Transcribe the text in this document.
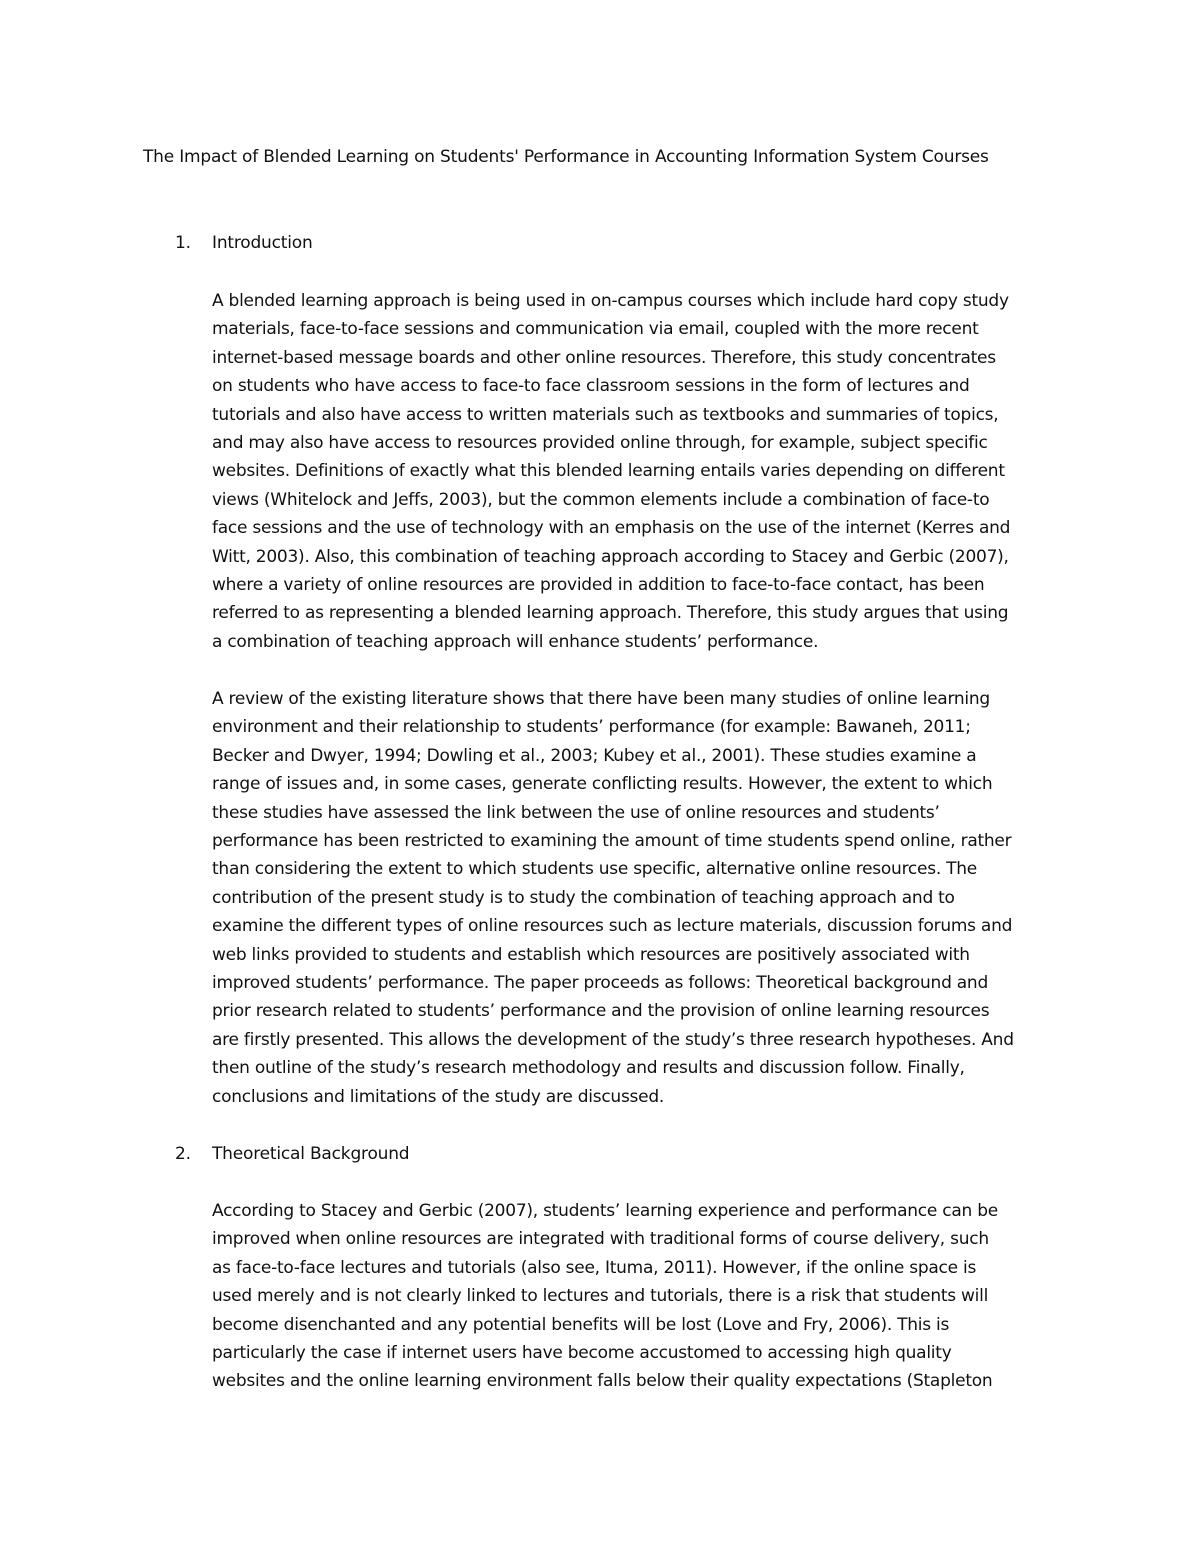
The Impact of Blended Learning on Students' Performance in Accounting Information System Courses
1. Introduction
A blended learning approach is being used in on-campus courses which include hard copy study
materials, face-to-face sessions and communication via email, coupled with the more recent
internet-based message boards and other online resources. Therefore, this study concentrates
on students who have access to face-to face classroom sessions in the form of lectures and
tutorials and also have access to written materials such as textbooks and summaries of topics,
and may also have access to resources provided online through, for example, subject specific
websites. Definitions of exactly what this blended learning entails varies depending on different
views (Whitelock and Jeffs, 2003), but the common elements include a combination of face-to
face sessions and the use of technology with an emphasis on the use of the internet (Kerres and
Witt, 2003). Also, this combination of teaching approach according to Stacey and Gerbic (2007),
where a variety of online resources are provided in addition to face-to-face contact, has been
referred to as representing a blended learning approach. Therefore, this study argues that using
a combination of teaching approach will enhance students’ performance.
A review of the existing literature shows that there have been many studies of online learning
environment and their relationship to students’ performance (for example: Bawaneh, 2011;
Becker and Dwyer, 1994; Dowling et al., 2003; Kubey et al., 2001). These studies examine a
range of issues and, in some cases, generate conflicting results. However, the extent to which
these studies have assessed the link between the use of online resources and students’
performance has been restricted to examining the amount of time students spend online, rather
than considering the extent to which students use specific, alternative online resources. The
contribution of the present study is to study the combination of teaching approach and to
examine the different types of online resources such as lecture materials, discussion forums and
web links provided to students and establish which resources are positively associated with
improved students’ performance. The paper proceeds as follows: Theoretical background and
prior research related to students’ performance and the provision of online learning resources
are firstly presented. This allows the development of the study’s three research hypotheses. And
then outline of the study’s research methodology and results and discussion follow. Finally,
conclusions and limitations of the study are discussed.
2. Theoretical Background
According to Stacey and Gerbic (2007), students’ learning experience and performance can be
improved when online resources are integrated with traditional forms of course delivery, such
as face-to-face lectures and tutorials (also see, Ituma, 2011). However, if the online space is
used merely and is not clearly linked to lectures and tutorials, there is a risk that students will
become disenchanted and any potential benefits will be lost (Love and Fry, 2006). This is
particularly the case if internet users have become accustomed to accessing high quality
websites and the online learning environment falls below their quality expectations (Stapleton
